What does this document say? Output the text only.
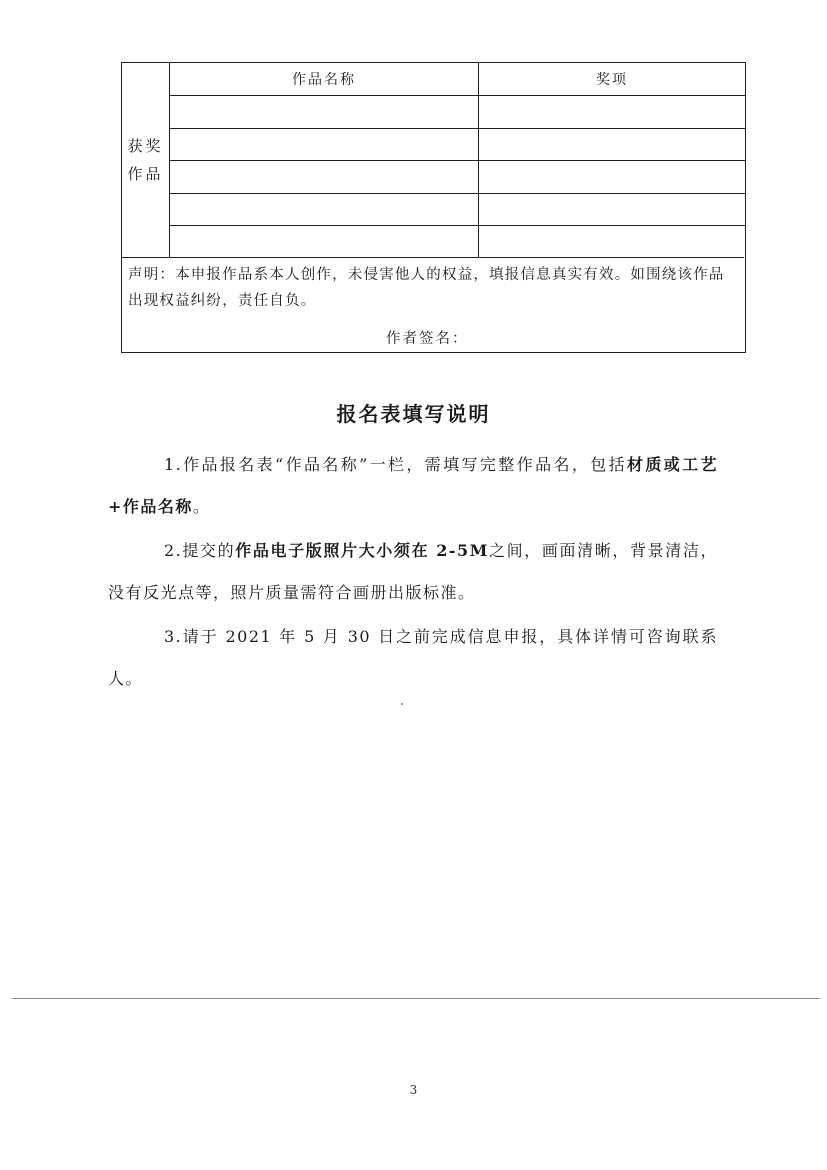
获奖
作品
作品名称	奖项
声明：本申报作品系本人创作，未侵害他人的权益，填报信息真实有效。如围绕该作品出现权益纠纷，责任自负。
作者签名：
报名表填写说明
1.作品报名表“作品名称”一栏，需填写完整作品名，包括材质或工艺+作品名称。
2.提交的作品电子版照片大小须在 2-5M之间，画面清晰，背景清洁，没有反光点等，照片质量需符合画册出版标准。
3.请于 2021 年 5 月 30 日之前完成信息申报，具体详情可咨询联系人。
3
